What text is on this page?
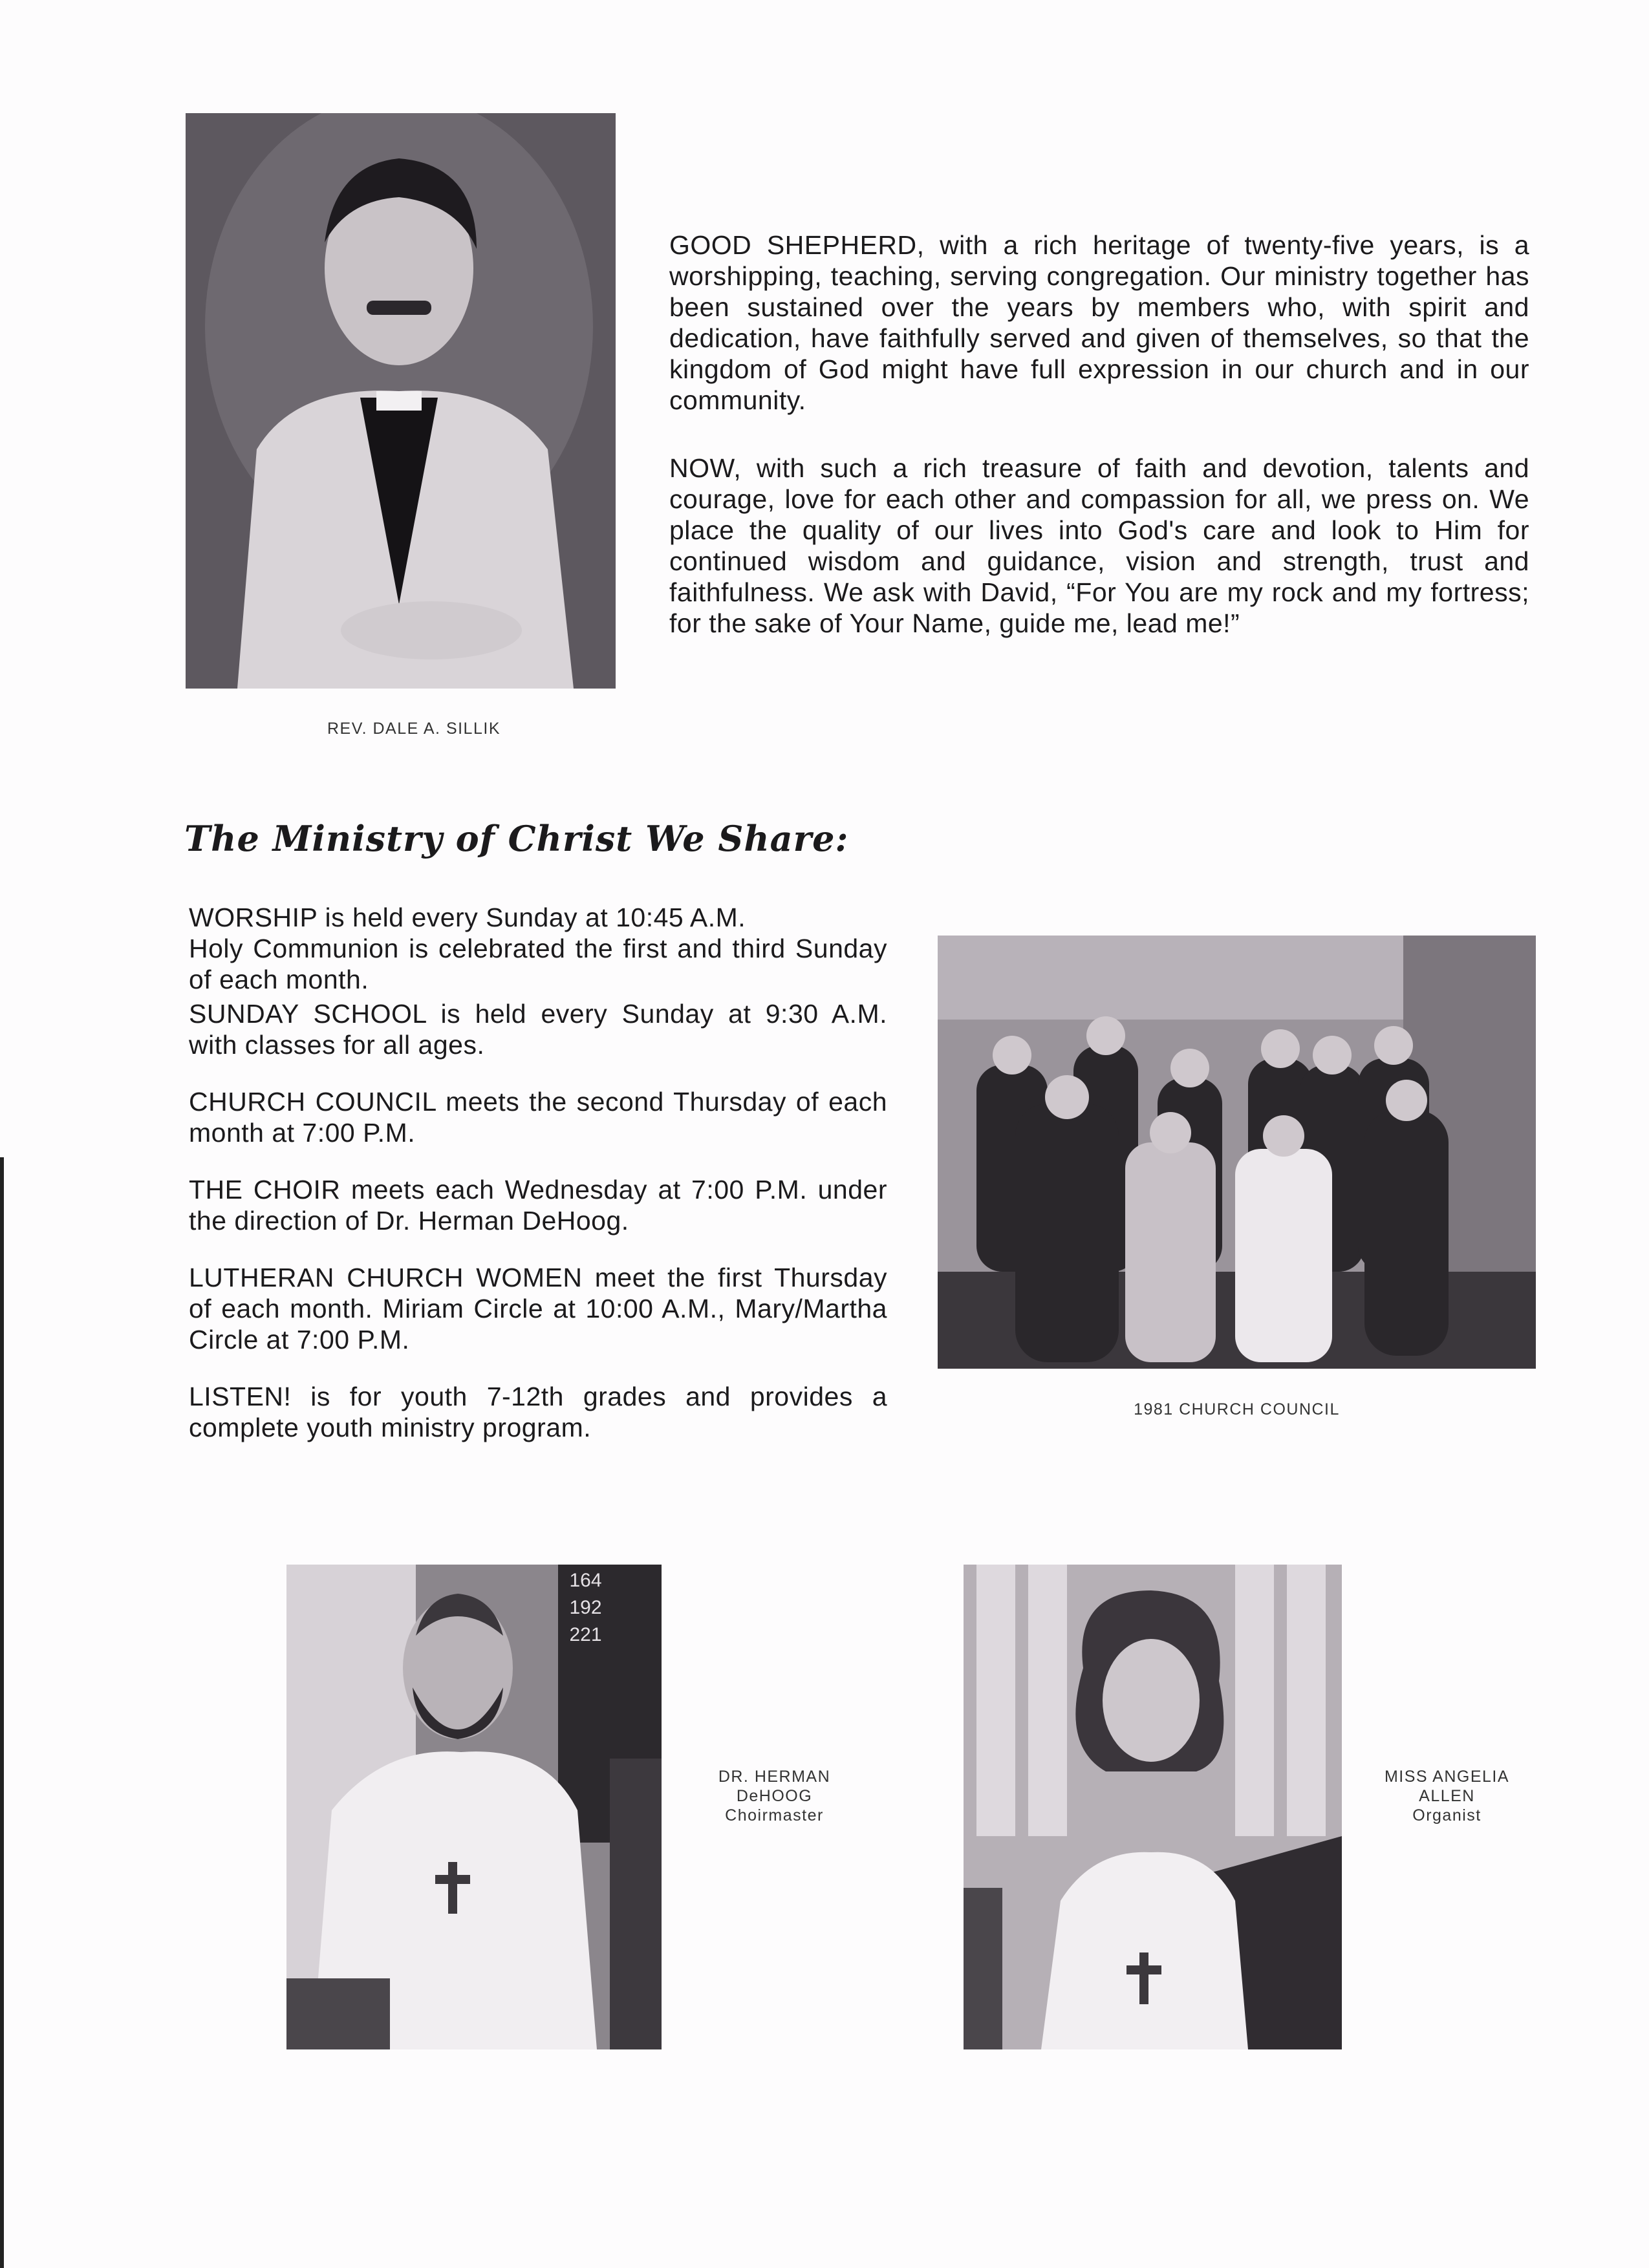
REV. DALE A. SILLIK

GOOD SHEPHERD, with a rich heritage of twenty-five years, is a worshipping, teaching, serving congregation. Our ministry together has been sustained over the years by members who, with spirit and dedication, have faithfully served and given of themselves, so that the kingdom of God might have full expression in our church and in our community.

NOW, with such a rich treasure of faith and devotion, talents and courage, love for each other and compassion for all, we press on. We place the quality of our lives into God's care and look to Him for continued wisdom and guidance, vision and strength, trust and faithfulness. We ask with David, “For You are my rock and my fortress; for the sake of Your Name, guide me, lead me!”

The Ministry of Christ We Share:

WORSHIP is held every Sunday at 10:45 A.M.
Holy Communion is celebrated the first and third Sunday of each month.

SUNDAY SCHOOL is held every Sunday at 9:30 A.M. with classes for all ages.

CHURCH COUNCIL meets the second Thursday of each month at 7:00 P.M.

THE CHOIR meets each Wednesday at 7:00 P.M. under the direction of Dr. Herman DeHoog.

LUTHERAN CHURCH WOMEN meet the first Thursday of each month. Miriam Circle at 10:00 A.M., Mary/Martha Circle at 7:00 P.M.

LISTEN! is for youth 7-12th grades and provides a complete youth ministry program.

1981 CHURCH COUNCIL
164
192
221
DR. HERMAN
DeHOOG
Choirmaster
MISS ANGELIA
ALLEN
Organist
